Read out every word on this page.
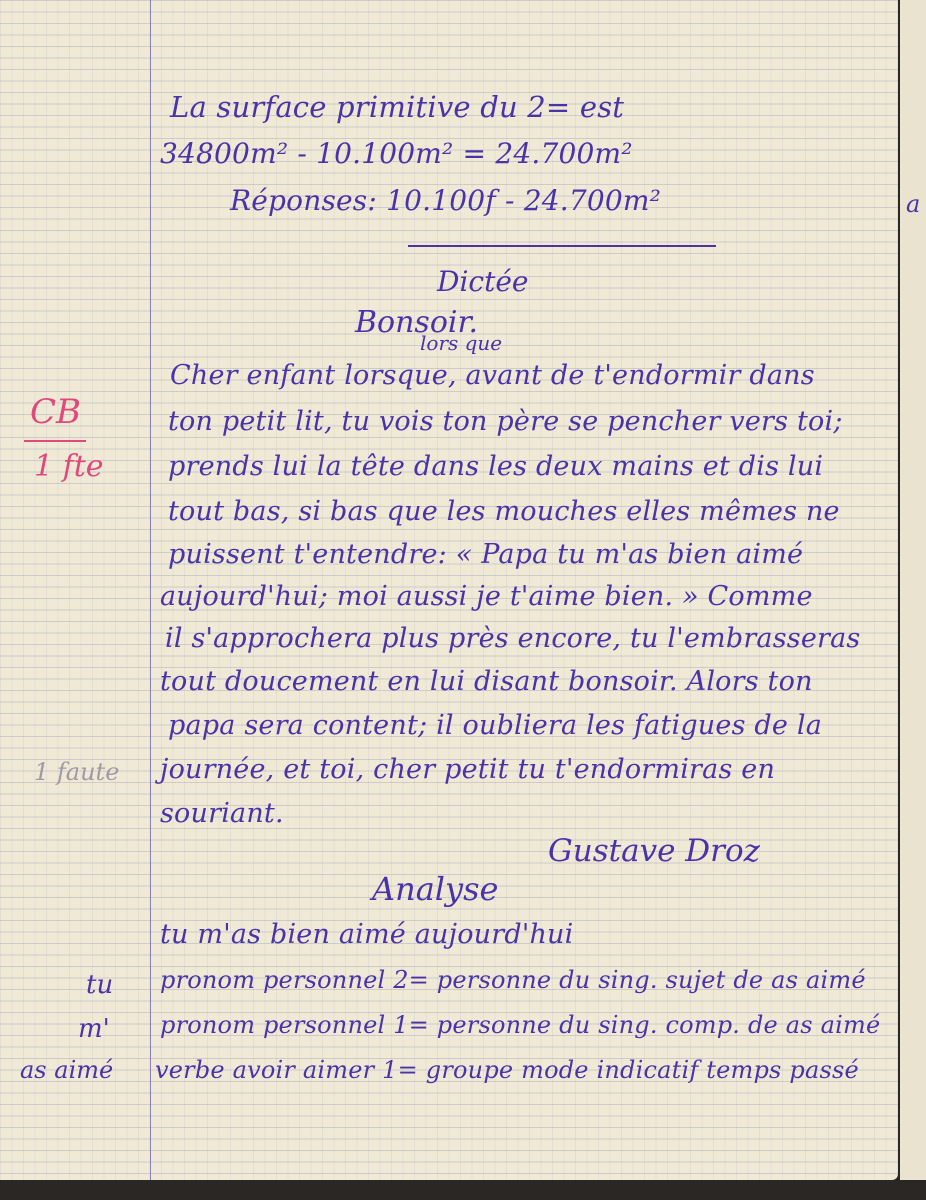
La surface primitive du 2= est
34800m² - 10.100m² = 24.700m²
Réponses: 10.100f - 24.700m²
Dictée
Bonsoir.
lors que
Cher enfant lorsque, avant de t'endormir dans
ton petit lit, tu vois ton père se pencher vers toi;
prends lui la tête dans les deux mains et dis lui
tout bas, si bas que les mouches elles mêmes ne
puissent t'entendre: « Papa tu m'as bien aimé
aujourd'hui; moi aussi je t'aime bien. » Comme
il s'approchera plus près encore, tu l'embrasseras
tout doucement en lui disant bonsoir. Alors ton
papa sera content; il oubliera les fatigues de la
journée, et toi, cher petit tu t'endormiras en
souriant.
Gustave Droz
Analyse
tu m'as bien aimé aujourd'hui
pronom personnel 2= personne du sing. sujet de as aimé
pronom personnel 1= personne du sing. comp. de as aimé
verbe avoir aimer 1= groupe mode indicatif temps passé
tu
m'
as aimé
CB
1 fte
1 faute
a
